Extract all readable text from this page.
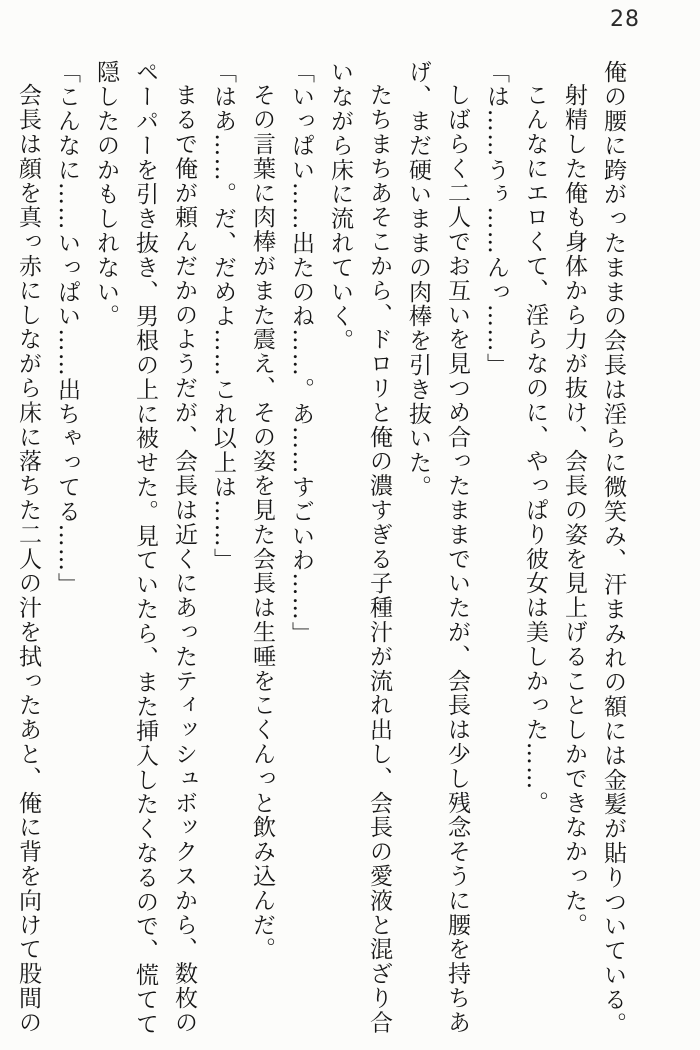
28

俺の腰に跨がったままの会長は淫らに微笑み、汗まみれの額には金髪が貼りついている。

射精した俺も身体から力が抜け、会長の姿を見上げることしかできなかった。

こんなにエロくて、淫らなのに、やっぱり彼女は美しかった……。

「は……うぅ……んっ……」

しばらく二人でお互いを見つめ合ったままでいたが、会長は少し残念そうに腰を持ちあげ、まだ硬いままの肉棒を引き抜いた。

たちまちあそこから、ドロリと俺の濃すぎる子種汁が流れ出し、会長の愛液と混ざり合いながら床に流れていく。

「いっぱい……出たのね……。あ……すごいわ……」

その言葉に肉棒がまた震え、その姿を見た会長は生唾をこくんっと飲み込んだ。

「はあ……。だ、だめよ……これ以上は……」

まるで俺が頼んだかのようだが、会長は近くにあったティッシュボックスから、数枚のペーパーを引き抜き、男根の上に被せた。見ていたら、また挿入したくなるので、慌てて隠したのかもしれない。

「こんなに……いっぱい……出ちゃってる……」

会長は顔を真っ赤にしながら床に落ちた二人の汁を拭ったあと、俺に背を向けて股間の
